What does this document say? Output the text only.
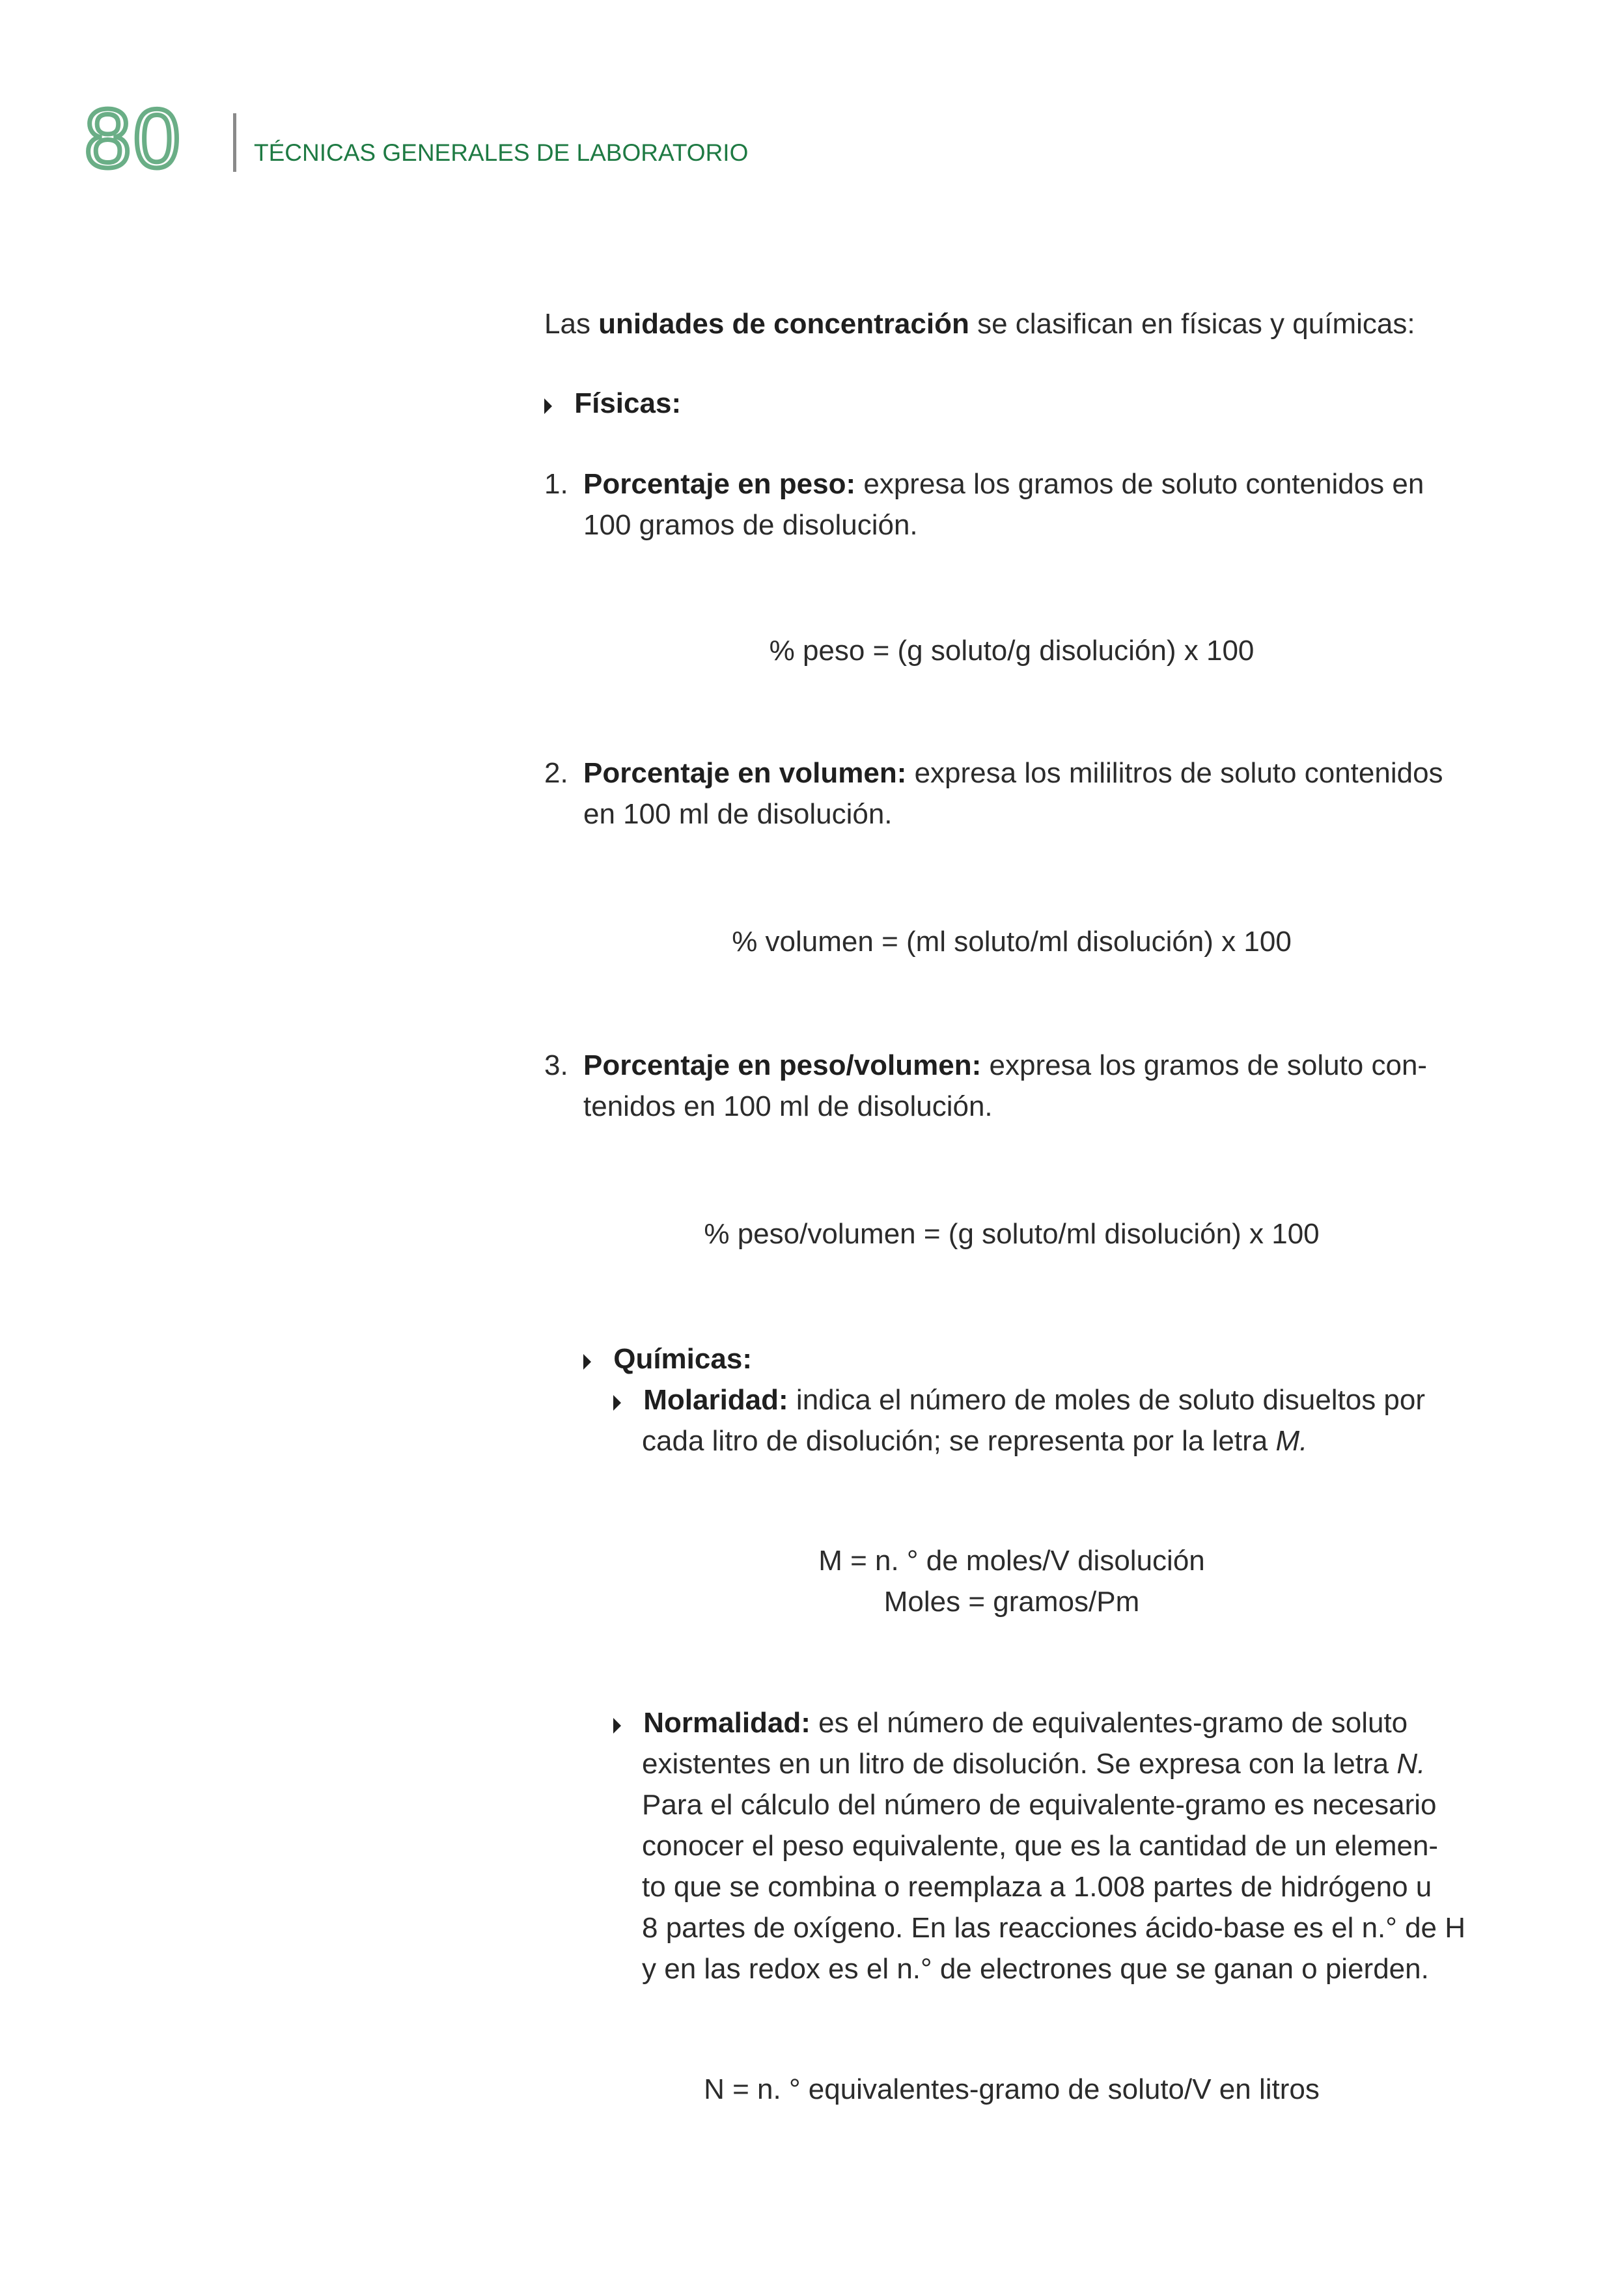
80	TÉCNICAS GENERALES DE LABORATORIO
Las unidades de concentración se clasifican en físicas y químicas:
Físicas:
1. Porcentaje en peso: expresa los gramos de soluto contenidos en
100 gramos de disolución.
% peso = (g soluto/g disolución) x 100
2. Porcentaje en volumen: expresa los mililitros de soluto contenidos
en 100 ml de disolución.
% volumen = (ml soluto/ml disolución) x 100
3. Porcentaje en peso/volumen: expresa los gramos de soluto con-
tenidos en 100 ml de disolución.
% peso/volumen = (g soluto/ml disolución) x 100
Químicas:
Molaridad: indica el número de moles de soluto disueltos por
cada litro de disolución; se representa por la letra M.
M = n. ° de moles/V disolución
Moles = gramos/Pm
Normalidad: es el número de equivalentes-gramo de soluto
existentes en un litro de disolución. Se expresa con la letra N.
Para el cálculo del número de equivalente-gramo es necesario
conocer el peso equivalente, que es la cantidad de un elemen-
to que se combina o reemplaza a 1.008 partes de hidrógeno u
8 partes de oxígeno. En las reacciones ácido-base es el n.° de H
y en las redox es el n.° de electrones que se ganan o pierden.
N = n. ° equivalentes-gramo de soluto/V en litros
